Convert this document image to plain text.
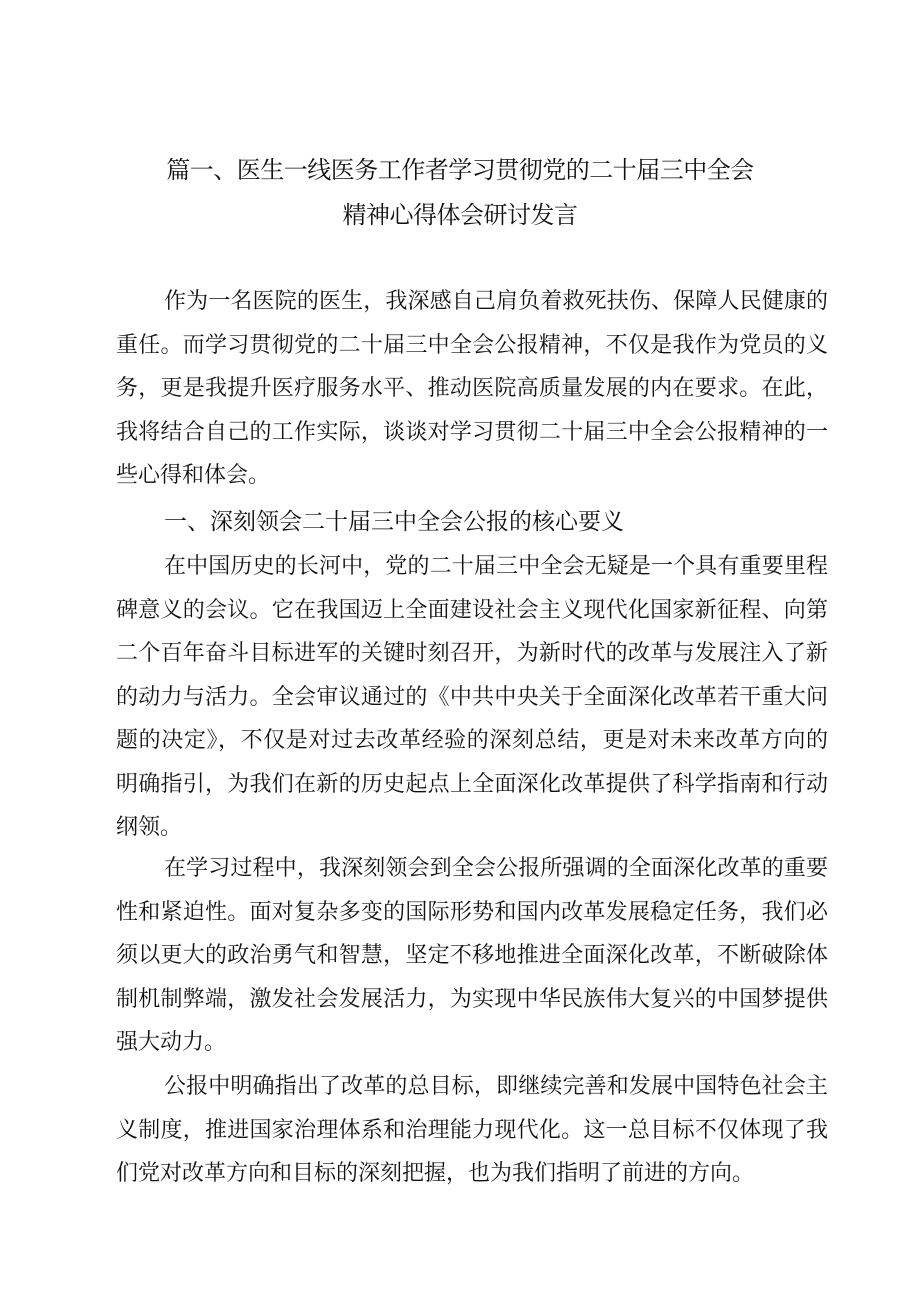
篇一、医生一线医务工作者学习贯彻党的二十届三中全会
精神心得体会研讨发言

作为一名医院的医生，我深感自己肩负着救死扶伤、保障人民健康的重任。而学习贯彻党的二十届三中全会公报精神，不仅是我作为党员的义务，更是我提升医疗服务水平、推动医院高质量发展的内在要求。在此，我将结合自己的工作实际，谈谈对学习贯彻二十届三中全会公报精神的一些心得和体会。

一、深刻领会二十届三中全会公报的核心要义

在中国历史的长河中，党的二十届三中全会无疑是一个具有重要里程碑意义的会议。它在我国迈上全面建设社会主义现代化国家新征程、向第二个百年奋斗目标进军的关键时刻召开，为新时代的改革与发展注入了新的动力与活力。全会审议通过的《中共中央关于全面深化改革若干重大问题的决定》，不仅是对过去改革经验的深刻总结，更是对未来改革方向的明确指引，为我们在新的历史起点上全面深化改革提供了科学指南和行动纲领。

在学习过程中，我深刻领会到全会公报所强调的全面深化改革的重要性和紧迫性。面对复杂多变的国际形势和国内改革发展稳定任务，我们必须以更大的政治勇气和智慧，坚定不移地推进全面深化改革，不断破除体制机制弊端，激发社会发展活力，为实现中华民族伟大复兴的中国梦提供强大动力。

公报中明确指出了改革的总目标，即继续完善和发展中国特色社会主义制度，推进国家治理体系和治理能力现代化。这一总目标不仅体现了我们党对改革方向和目标的深刻把握，也为我们指明了前进的方向。
